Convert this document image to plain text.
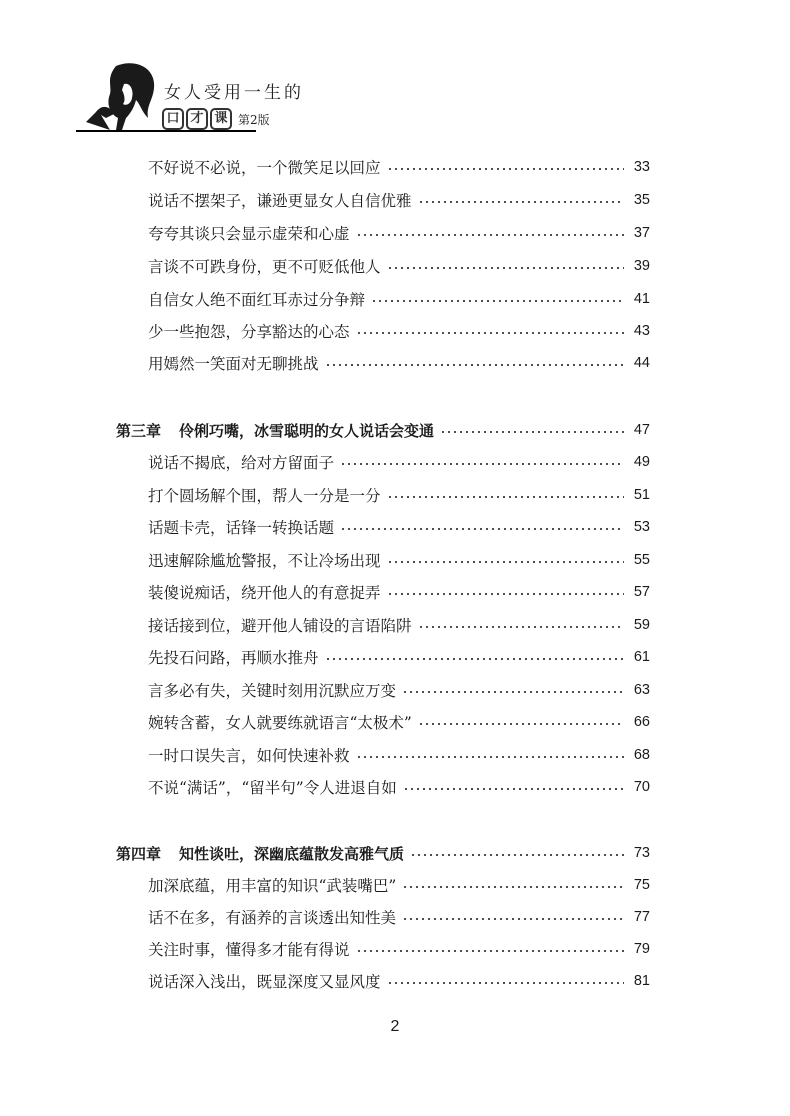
女人受用一生的
口 才 课 第2版
不好说不必说，一个微笑足以回应	33
说话不摆架子，谦逊更显女人自信优雅	35
夸夸其谈只会显示虚荣和心虚	37
言谈不可跌身份，更不可贬低他人	39
自信女人绝不面红耳赤过分争辩	41
少一些抱怨，分享豁达的心态	43
用嫣然一笑面对无聊挑战	44
第三章 伶俐巧嘴，冰雪聪明的女人说话会变通	47
说话不揭底，给对方留面子	49
打个圆场解个围，帮人一分是一分	51
话题卡壳，话锋一转换话题	53
迅速解除尴尬警报，不让冷场出现	55
装傻说痴话，绕开他人的有意捉弄	57
接话接到位，避开他人铺设的言语陷阱	59
先投石问路，再顺水推舟	61
言多必有失，关键时刻用沉默应万变	63
婉转含蓄，女人就要练就语言“太极术”	66
一时口误失言，如何快速补救	68
不说“满话”，“留半句”令人进退自如	70
第四章 知性谈吐，深幽底蕴散发高雅气质	73
加深底蕴，用丰富的知识“武装嘴巴”	75
话不在多，有涵养的言谈透出知性美	77
关注时事，懂得多才能有得说	79
说话深入浅出，既显深度又显风度	81
2
